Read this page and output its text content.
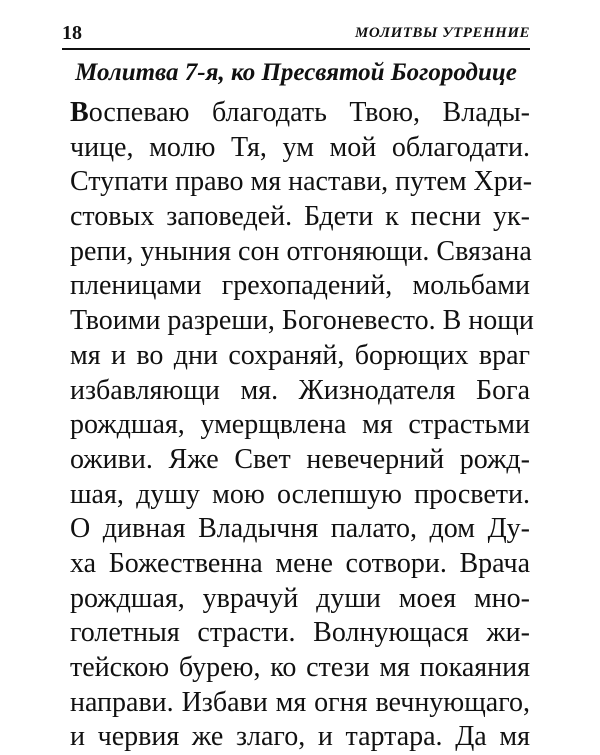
18	МОЛИТВЫ УТРЕННИЕ
Молитва 7-я, ко Пресвятой Богородице
Воспеваю благодать Твою, Влады-
чице, молю Тя, ум мой облагодати.
Ступати право мя настави, путем Хри-
стовых заповедей. Бдети к песни ук-
репи, уныния сон отгоняющи. Связана
пленицами грехопадений, мольбами
Твоими разреши, Богоневесто. В нощи
мя и во дни сохраняй, борющих враг
избавляющи мя. Жизнодателя Бога
рождшая, умерщвлена мя страстьми
оживи. Яже Свет невечерний рожд-
шая, душу мою ослепшую просвети.
О дивная Владычня палато, дом Ду-
ха Божественна мене сотвори. Врача
рождшая, уврачуй души моея мно-
голетныя страсти. Волнующася жи-
тейскою бурею, ко стези мя покаяния
направи. Избави мя огня вечнующаго,
и червия же злаго, и тартара. Да мя
